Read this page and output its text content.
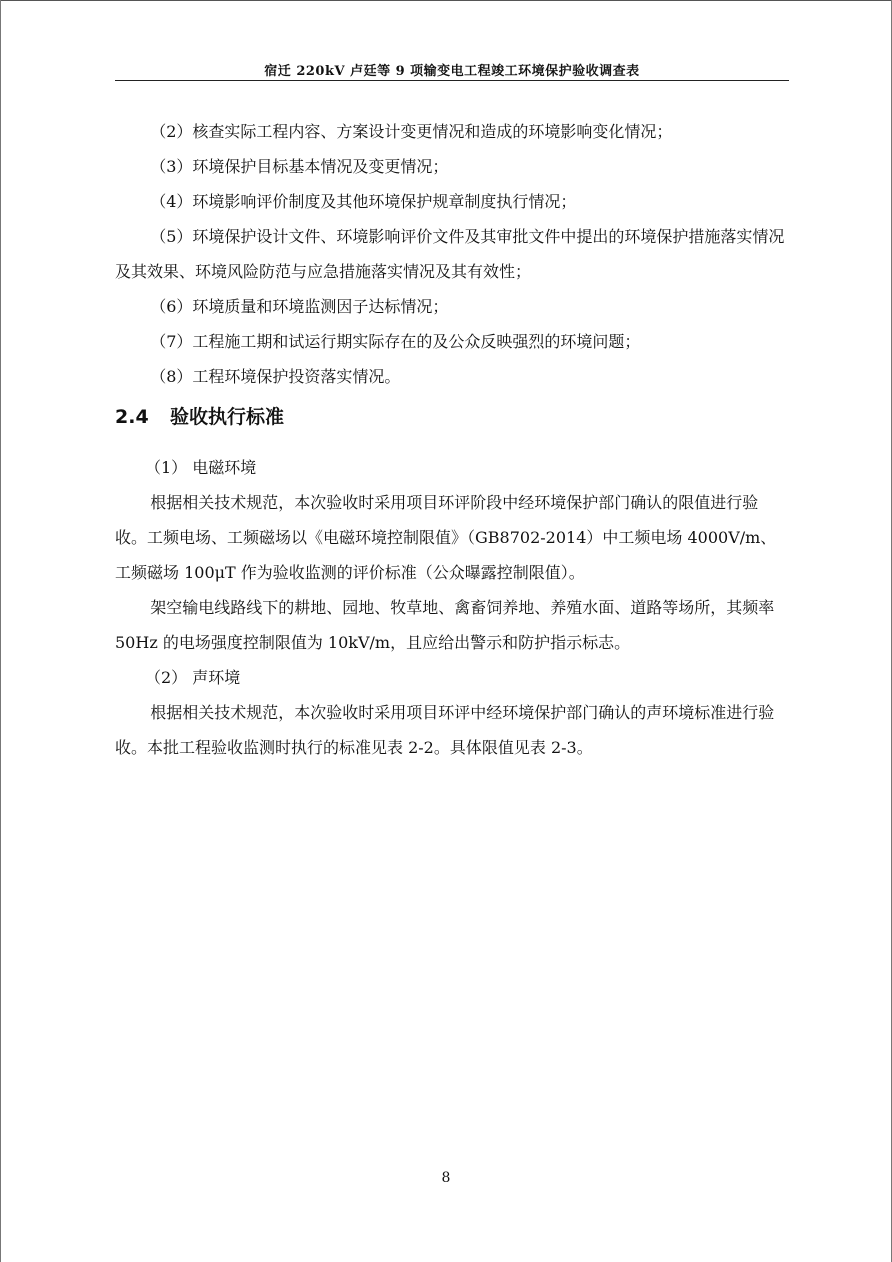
宿迁 220kV 卢廷等 9 项输变电工程竣工环境保护验收调查表

（2）核查实际工程内容、方案设计变更情况和造成的环境影响变化情况；

（3）环境保护目标基本情况及变更情况；

（4）环境影响评价制度及其他环境保护规章制度执行情况；

（5）环境保护设计文件、环境影响评价文件及其审批文件中提出的环境保护措施落实情况及其效果、环境风险防范与应急措施落实情况及其有效性；

（6）环境质量和环境监测因子达标情况；

（7）工程施工期和试运行期实际存在的及公众反映强烈的环境问题；

（8）工程环境保护投资落实情况。

2.4 验收执行标准

（1） 电磁环境

根据相关技术规范，本次验收时采用项目环评阶段中经环境保护部门确认的限值进行验收。工频电场、工频磁场以《电磁环境控制限值》（GB8702-2014）中工频电场 4000V/m、工频磁场 100μT 作为验收监测的评价标准（公众曝露控制限值）。

架空输电线路线下的耕地、园地、牧草地、禽畜饲养地、养殖水面、道路等场所，其频率 50Hz 的电场强度控制限值为 10kV/m，且应给出警示和防护指示标志。

（2） 声环境

根据相关技术规范，本次验收时采用项目环评中经环境保护部门确认的声环境标准进行验收。本批工程验收监测时执行的标准见表 2-2。具体限值见表 2-3。

8
